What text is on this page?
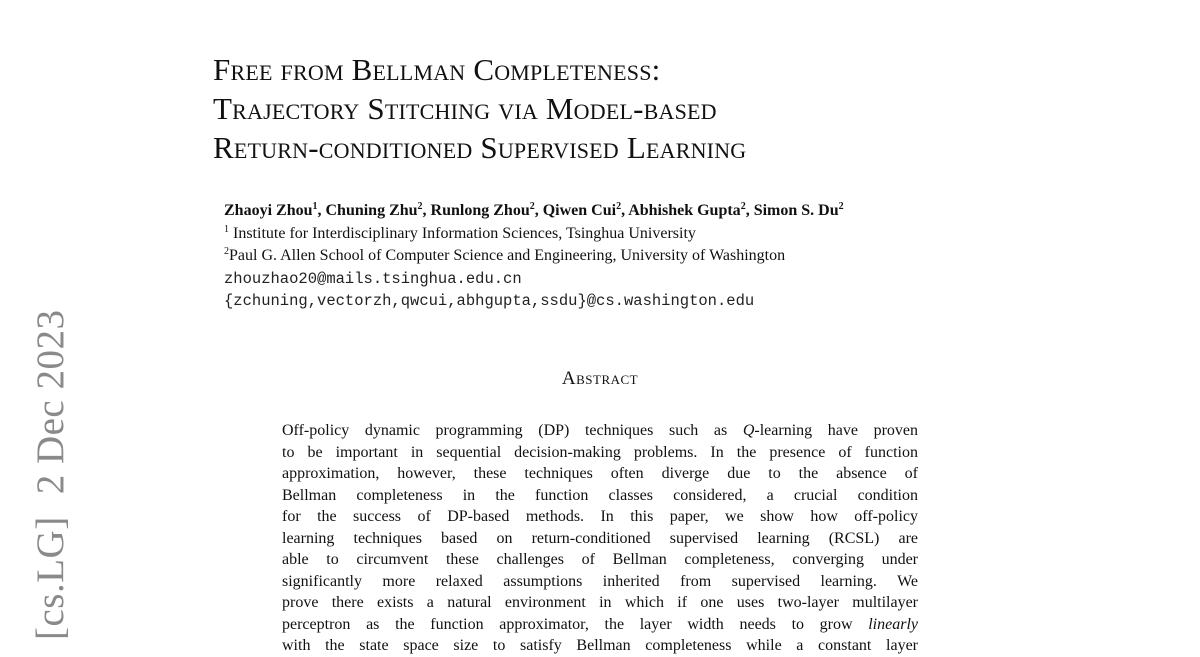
[cs.LG]2 Dec 2023
Free from Bellman Completeness:
Trajectory Stitching via Model-based
Return-conditioned Supervised Learning
Zhaoyi Zhou$^1$, Chuning Zhu$^2$, Runlong Zhou$^2$, Qiwen Cui$^2$, Abhishek Gupta$^2$, Simon S. Du$^2$
$^1$ Institute for Interdisciplinary Information Sciences, Tsinghua University
$^2$Paul G. Allen School of Computer Science and Engineering, University of Washington
zhouzhao20@mails.tsinghua.edu.cn
{zchuning,vectorzh,qwcui,abhgupta,ssdu}@cs.washington.edu
Abstract
Off-policy dynamic programming (DP) techniques such as Q-learning have proven
to be important in sequential decision-making problems. In the presence of function
approximation, however, these techniques often diverge due to the absence of
Bellman completeness in the function classes considered, a crucial condition
for the success of DP-based methods. In this paper, we show how off-policy
learning techniques based on return-conditioned supervised learning (RCSL) are
able to circumvent these challenges of Bellman completeness, converging under
significantly more relaxed assumptions inherited from supervised learning. We
prove there exists a natural environment in which if one uses two-layer multilayer
perceptron as the function approximator, the layer width needs to grow linearly
with the state space size to satisfy Bellman completeness while a constant layer
